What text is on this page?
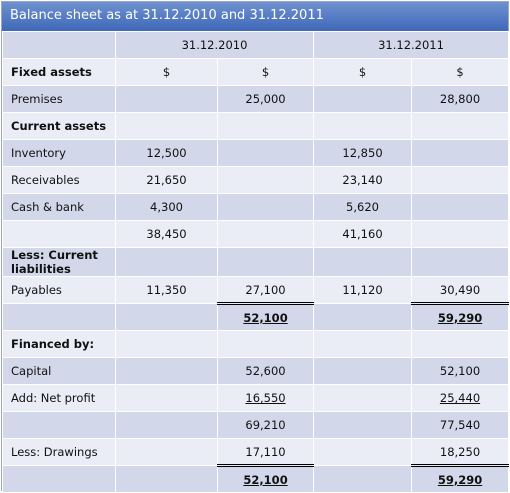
Balance sheet as at 31.12.2010 and 31.12.2011
	31.12.2010		31.12.2011	
Fixed assets	$	$	$	$
Premises		25,000		28,800
Current assets				
Inventory	12,500		12,850	
Receivables	21,650		23,140	
Cash & bank	4,300		5,620	
	38,450		41,160	
Less: Current liabilities				
Payables	11,350	27,100	11,120	30,490
		52,100		59,290
Financed by:				
Capital		52,600		52,100
Add: Net profit		16,550		25,440
		69,210		77,540
Less: Drawings		17,110		18,250
		52,100		59,290
